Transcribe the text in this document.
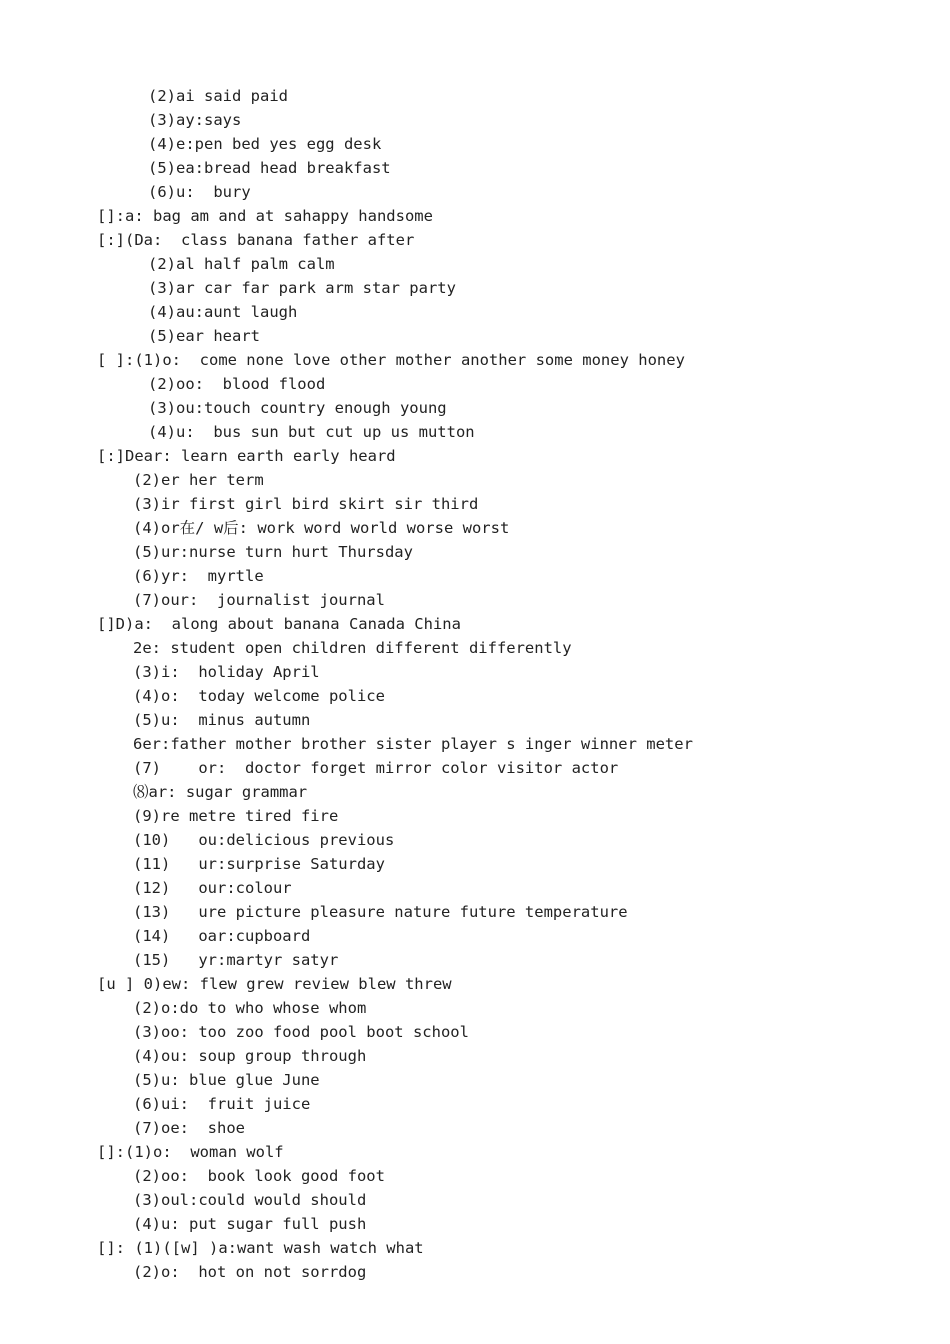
(2)ai said paid
(3)ay:says
(4)e:pen bed yes egg desk
(5)ea:bread head breakfast
(6)u:  bury
[]:a: bag am and at sahappy handsome
[:](Da:  class banana father after
(2)al half palm calm
(3)ar car far park arm star party
(4)au:aunt laugh
(5)ear heart
[ ]:(1)o:  come none love other mother another some money honey
(2)oo:  blood flood
(3)ou:touch country enough young
(4)u:  bus sun but cut up us mutton
[:]Dear: learn earth early heard
(2)er her term
(3)ir first girl bird skirt sir third
(4)or在/ w后: work word world worse worst
(5)ur:nurse turn hurt Thursday
(6)yr:  myrtle
(7)our:  journalist journal
[]D)a:  along about banana Canada China
2e: student open children different differently
(3)i:  holiday April
(4)o:  today welcome police
(5)u:  minus autumn
6er:father mother brother sister player s inger winner meter
(7)    or:  doctor forget mirror color visitor actor
⑻ar: sugar grammar
(9)re metre tired fire
(10)   ou:delicious previous
(11)   ur:surprise Saturday
(12)   our:colour
(13)   ure picture pleasure nature future temperature
(14)   oar:cupboard
(15)   yr:martyr satyr
[u ] 0)ew: flew grew review blew threw
(2)o:do to who whose whom
(3)oo: too zoo food pool boot school
(4)ou: soup group through
(5)u: blue glue June
(6)ui:  fruit juice
(7)oe:  shoe
[]:(1)o:  woman wolf
(2)oo:  book look good foot
(3)oul:could would should
(4)u: put sugar full push
[]: (1)([w] )a:want wash watch what
(2)o:  hot on not sorrdog
